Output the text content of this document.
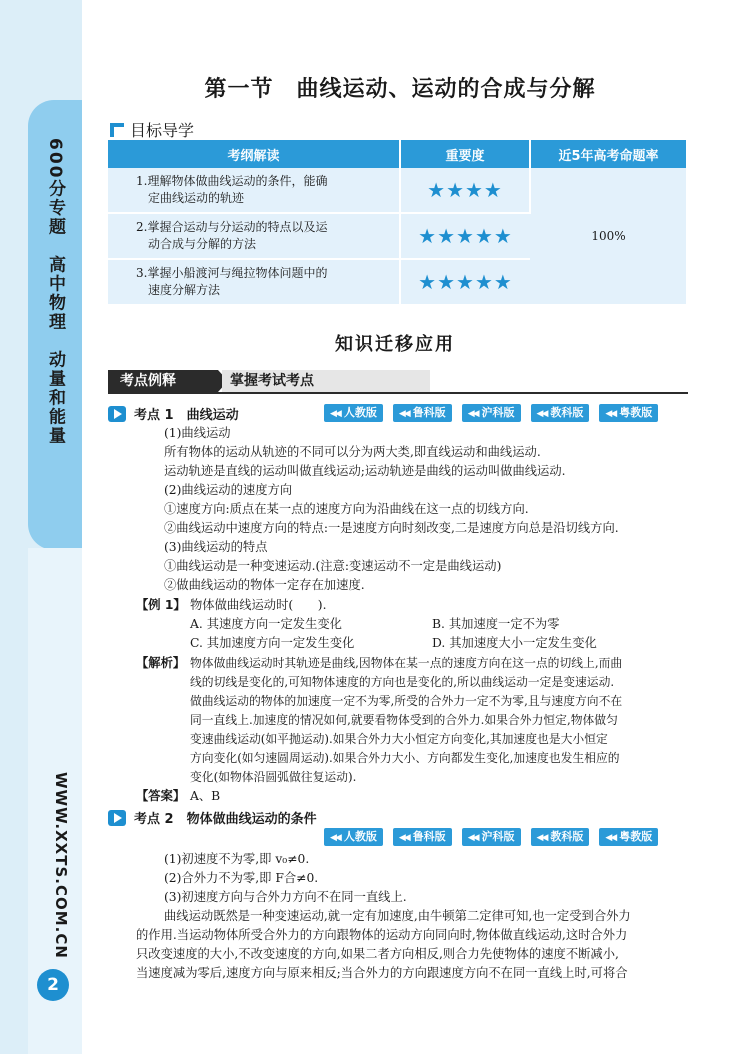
600分专题　高中物理　动量和能量
WWW.XXTS.COM.CN
2
第一节　曲线运动、运动的合成与分解
目标导学
考纲解读	重要度	近5年高考命题率
1.理解物体做曲线运动的条件，能确
定曲线运动的轨迹	★★★★	100%
2.掌握合运动与分运动的特点以及运
动合成与分解的方法	★★★★★	
3.掌握小船渡河与绳拉物体问题中的
速度分解方法	★★★★★	
知识迁移应用
考点例释	掌握考试考点
考点 1　曲线运动	◀◀ 人教版	◀◀ 鲁科版	◀◀ 沪科版	◀◀ 教科版	◀◀ 粤教版
(1)曲线运动
所有物体的运动从轨迹的不同可以分为两大类,即直线运动和曲线运动.
运动轨迹是直线的运动叫做直线运动;运动轨迹是曲线的运动叫做曲线运动.
(2)曲线运动的速度方向
①速度方向:质点在某一点的速度方向为沿曲线在这一点的切线方向.
②曲线运动中速度方向的特点:一是速度方向时刻改变,二是速度方向总是沿切线方向.
(3)曲线运动的特点
①曲线运动是一种变速运动.(注意:变速运动不一定是曲线运动)
②做曲线运动的物体一定存在加速度.
【例 1】 物体做曲线运动时(　　).
A. 其速度方向一定发生变化	B. 其加速度一定不为零
C. 其加速度方向一定发生变化	D. 其加速度大小一定发生变化
【解析】 物体做曲线运动时其轨迹是曲线,因物体在某一点的速度方向在这一点的切线上,而曲
线的切线是变化的,可知物体速度的方向也是变化的,所以曲线运动一定是变速运动.
做曲线运动的物体的加速度一定不为零,所受的合外力一定不为零,且与速度方向不在
同一直线上.加速度的情况如何,就要看物体受到的合外力.如果合外力恒定,物体做匀
变速曲线运动(如平抛运动).如果合外力大小恒定方向变化,其加速度也是大小恒定
方向变化(如匀速圆周运动).如果合外力大小、方向都发生变化,加速度也发生相应的
变化(如物体沿圆弧做往复运动).
【答案】 A、B
考点 2　物体做曲线运动的条件
◀◀ 人教版	◀◀ 鲁科版	◀◀ 沪科版	◀◀ 教科版	◀◀ 粤教版
(1)初速度不为零,即 v₀≠0.
(2)合外力不为零,即 F合≠0.
(3)初速度方向与合外力方向不在同一直线上.
曲线运动既然是一种变速运动,就一定有加速度,由牛顿第二定律可知,也一定受到合外力
的作用.当运动物体所受合外力的方向跟物体的运动方向同向时,物体做直线运动,这时合外力
只改变速度的大小,不改变速度的方向,如果二者方向相反,则合力先使物体的速度不断减小,
当速度减为零后,速度方向与原来相反;当合外力的方向跟速度方向不在同一直线上时,可将合
